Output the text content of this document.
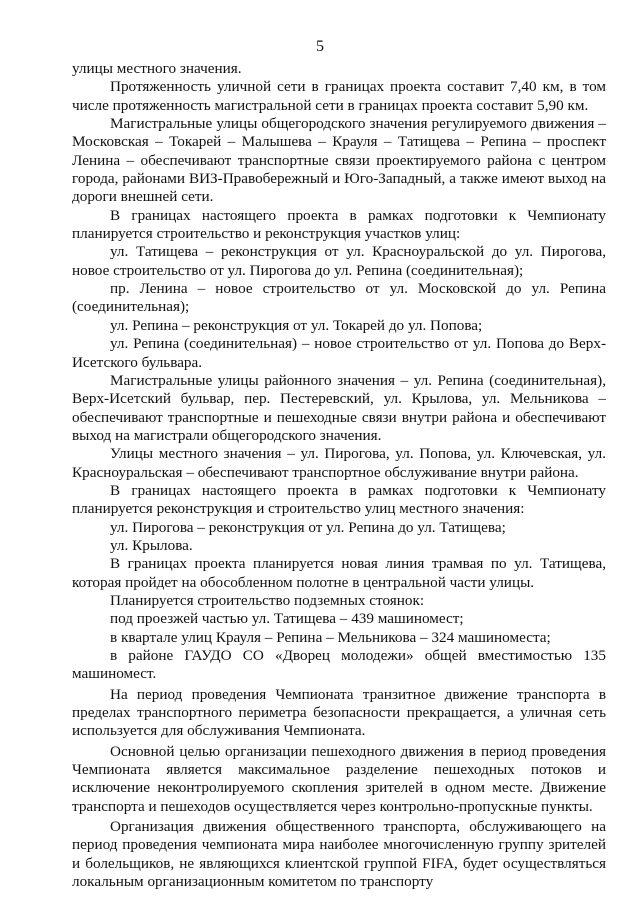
5

улицы местного значения.

Протяженность уличной сети в границах проекта составит 7,40 км, в том числе протяженность магистральной сети в границах проекта составит 5,90 км.

Магистральные улицы общегородского значения регулируемого движения – Московская – Токарей – Малышева – Крауля – Татищева – Репина – проспект Ленина – обеспечивают транспортные связи проектируемого района с центром города, районами ВИЗ-Правобережный и Юго-Западный, а также имеют выход на дороги внешней сети.

В границах настоящего проекта в рамках подготовки к Чемпионату планируется строительство и реконструкция участков улиц:

ул. Татищева – реконструкция от ул. Красноуральской до ул. Пирогова, новое строительство от ул. Пирогова до ул. Репина (соединительная);

пр. Ленина – новое строительство от ул. Московской до ул. Репина (соединительная);

ул. Репина – реконструкция от ул. Токарей до ул. Попова;

ул. Репина (соединительная) – новое строительство от ул. Попова до Верх-Исетского бульвара.

Магистральные улицы районного значения – ул. Репина (соединительная), Верх-Исетский бульвар, пер. Пестеревский, ул. Крылова, ул. Мельникова – обеспечивают транспортные и пешеходные связи внутри района и обеспечивают выход на магистрали общегородского значения.

Улицы местного значения – ул. Пирогова, ул. Попова, ул. Ключевская, ул. Красноуральская – обеспечивают транспортное обслуживание внутри района.

В границах настоящего проекта в рамках подготовки к Чемпионату планируется реконструкция и строительство улиц местного значения:

ул. Пирогова – реконструкция от ул. Репина до ул. Татищева;

ул. Крылова.

В границах проекта планируется новая линия трамвая по ул. Татищева, которая пройдет на обособленном полотне в центральной части улицы.

Планируется строительство подземных стоянок:

под проезжей частью ул. Татищева – 439 машиномест;

в квартале улиц Крауля – Репина – Мельникова – 324 машиноместа;

в районе ГАУДО СО «Дворец молодежи» общей вместимостью 135 машиномест.

На период проведения Чемпионата транзитное движение транспорта в пределах транспортного периметра безопасности прекращается, а уличная сеть используется для обслуживания Чемпионата.

Основной целью организации пешеходного движения в период проведения Чемпионата является максимальное разделение пешеходных потоков и исключение неконтролируемого скопления зрителей в одном месте. Движение транспорта и пешеходов осуществляется через контрольно-пропускные пункты.

Организация движения общественного транспорта, обслуживающего на период проведения чемпионата мира наиболее многочисленную группу зрителей и болельщиков, не являющихся клиентской группой FIFA, будет осуществляться локальным организационным комитетом по транспорту
